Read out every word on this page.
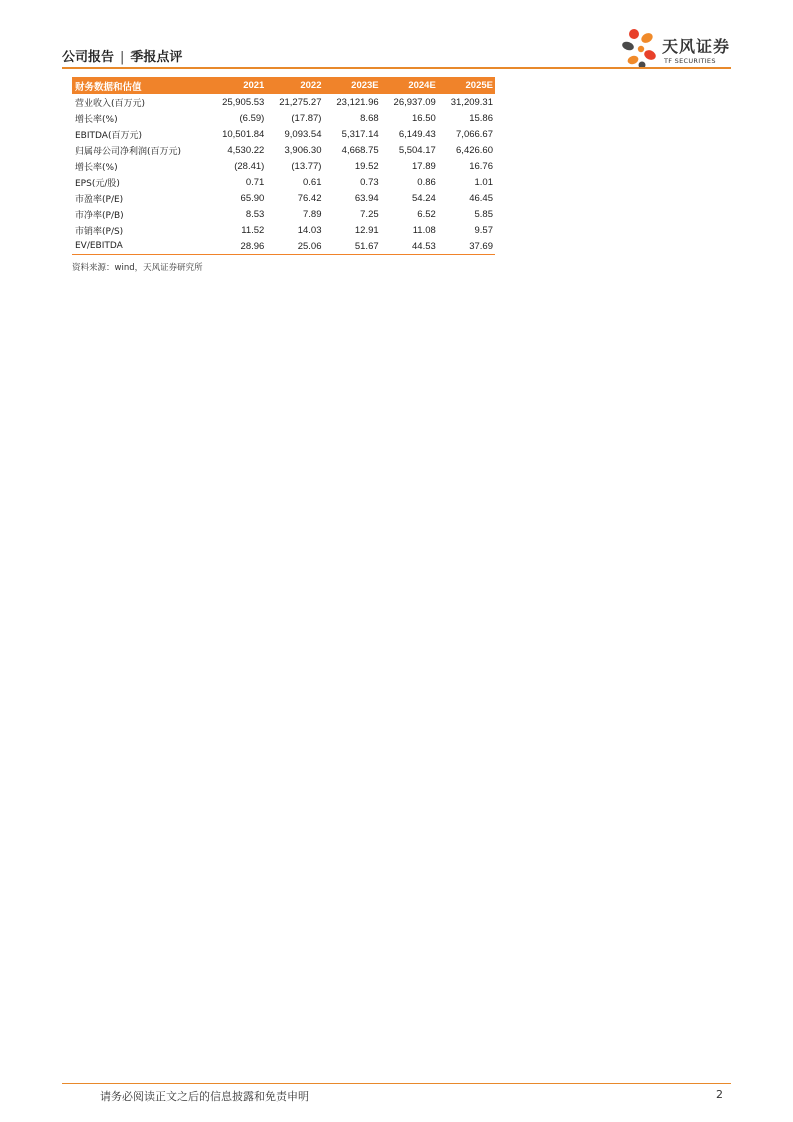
公司报告 | 季报点评
天风证券
TF SECURITIES
财务数据和估值	2021	2022	2023E	2024E	2025E
营业收入(百万元)	25,905.53	21,275.27	23,121.96	26,937.09	31,209.31
增长率(%)	(6.59)	(17.87)	8.68	16.50	15.86
EBITDA(百万元)	10,501.84	9,093.54	5,317.14	6,149.43	7,066.67
归属母公司净利润(百万元)	4,530.22	3,906.30	4,668.75	5,504.17	6,426.60
增长率(%)	(28.41)	(13.77)	19.52	17.89	16.76
EPS(元/股)	0.71	0.61	0.73	0.86	1.01
市盈率(P/E)	65.90	76.42	63.94	54.24	46.45
市净率(P/B)	8.53	7.89	7.25	6.52	5.85
市销率(P/S)	11.52	14.03	12.91	11.08	9.57
EV/EBITDA	28.96	25.06	51.67	44.53	37.69
资料来源：wind，天风证券研究所
请务必阅读正文之后的信息披露和免责申明	2
